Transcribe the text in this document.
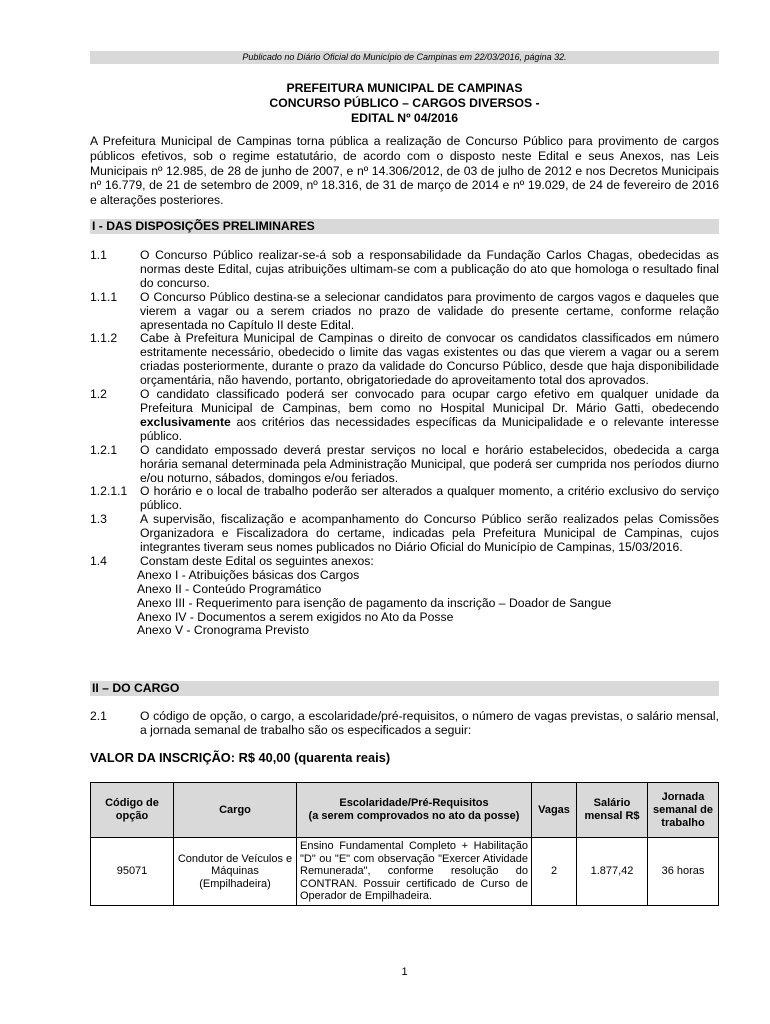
Publicado no Diário Oficial do Município de Campinas em 22/03/2016, página 32.
PREFEITURA MUNICIPAL DE CAMPINAS
CONCURSO PÚBLICO – CARGOS DIVERSOS -
EDITAL Nº 04/2016
A Prefeitura Municipal de Campinas torna pública a realização de Concurso Público para provimento de cargos públicos efetivos, sob o regime estatutário, de acordo com o disposto neste Edital e seus Anexos, nas Leis Municipais nº 12.985, de 28 de junho de 2007, e nº 14.306/2012, de 03 de julho de 2012 e nos Decretos Municipais nº 16.779, de 21 de setembro de 2009, nº 18.316, de 31 de março de 2014 e nº 19.029, de 24 de fevereiro de 2016 e alterações posteriores.
I - DAS DISPOSIÇÕES PRELIMINARES
1.1	O Concurso Público realizar-se-á sob a responsabilidade da Fundação Carlos Chagas, obedecidas as normas deste Edital, cujas atribuições ultimam-se com a publicação do ato que homologa o resultado final do concurso.
1.1.1	O Concurso Público destina-se a selecionar candidatos para provimento de cargos vagos e daqueles que vierem a vagar ou a serem criados no prazo de validade do presente certame, conforme relação apresentada no Capítulo II deste Edital.
1.1.2	Cabe à Prefeitura Municipal de Campinas o direito de convocar os candidatos classificados em número estritamente necessário, obedecido o limite das vagas existentes ou das que vierem a vagar ou a serem criadas posteriormente, durante o prazo da validade do Concurso Público, desde que haja disponibilidade orçamentária, não havendo, portanto, obrigatoriedade do aproveitamento total dos aprovados.
1.2	O candidato classificado poderá ser convocado para ocupar cargo efetivo em qualquer unidade da Prefeitura Municipal de Campinas, bem como no Hospital Municipal Dr. Mário Gatti, obedecendo exclusivamente aos critérios das necessidades específicas da Municipalidade e o relevante interesse público.
1.2.1	O candidato empossado deverá prestar serviços no local e horário estabelecidos, obedecida a carga horária semanal determinada pela Administração Municipal, que poderá ser cumprida nos períodos diurno e/ou noturno, sábados, domingos e/ou feriados.
1.2.1.1	O horário e o local de trabalho poderão ser alterados a qualquer momento, a critério exclusivo do serviço público.
1.3	A supervisão, fiscalização e acompanhamento do Concurso Público serão realizados pelas Comissões Organizadora e Fiscalizadora do certame, indicadas pela Prefeitura Municipal de Campinas, cujos integrantes tiveram seus nomes publicados no Diário Oficial do Município de Campinas, 15/03/2016.
1.4	Constam deste Edital os seguintes anexos:
Anexo I - Atribuições básicas dos Cargos
Anexo II - Conteúdo Programático
Anexo III - Requerimento para isenção de pagamento da inscrição – Doador de Sangue
Anexo IV - Documentos a serem exigidos no Ato da Posse
Anexo V - Cronograma Previsto
II – DO CARGO
2.1	O código de opção, o cargo, a escolaridade/pré-requisitos, o número de vagas previstas, o salário mensal, a jornada semanal de trabalho são os especificados a seguir:
VALOR DA INSCRIÇÃO: R$ 40,00 (quarenta reais)
Código de opção	Cargo	Escolaridade/Pré-Requisitos
(a serem comprovados no ato da posse)	Vagas	Salário mensal R$	Jornada semanal de trabalho
95071	Condutor de Veículos e Máquinas (Empilhadeira)	Ensino Fundamental Completo + Habilitação "D" ou "E" com observação "Exercer Atividade Remunerada", conforme resolução do CONTRAN. Possuir certificado de Curso de Operador de Empilhadeira.	2	1.877,42	36 horas
1
